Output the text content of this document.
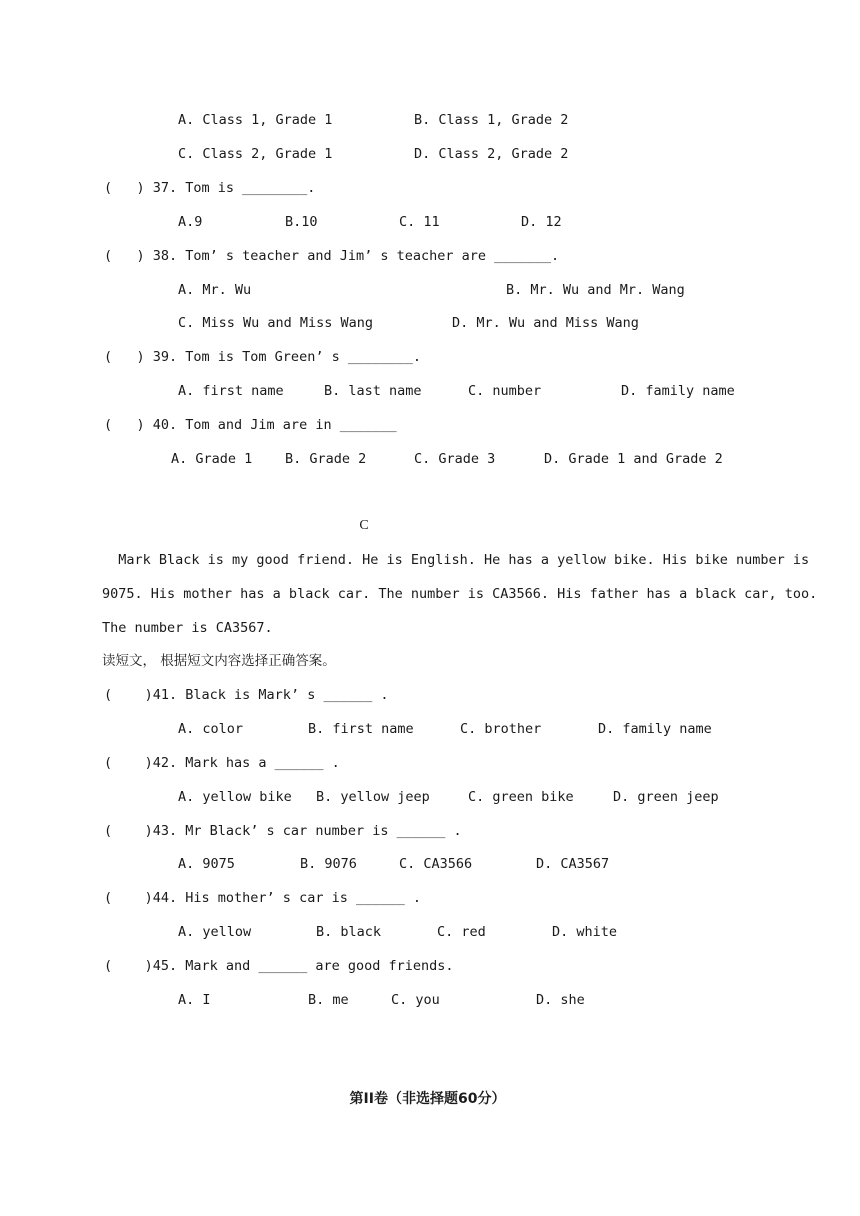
A. Class 1, Grade 1	B. Class 1, Grade 2
C. Class 2, Grade 1	D. Class 2, Grade 2
(   ) 37. Tom is ________.
A.9	B.10	C. 11	D. 12
(   ) 38. Tom’ s teacher and Jim’ s teacher are _______.
A. Mr. Wu	B. Mr. Wu and Mr. Wang
C. Miss Wu and Miss Wang	D. Mr. Wu and Miss Wang
(   ) 39. Tom is Tom Green’ s ________.
A. first name	B. last name	C. number	D. family name
(   ) 40. Tom and Jim are in _______
A. Grade 1 B. Grade 2	C. Grade 3	D. Grade 1 and Grade 2
C
Mark Black is my good friend. He is English. He has a yellow bike. His bike number is
9075. His mother has a black car. The number is CA3566. His father has a black car, too.
The number is CA3567.
读短文， 根据短文内容选择正确答案。
(    )41. Black is Mark’ s ______ .
A. color	B. first name	C. brother	D. family name
(    )42. Mark has a ______ .
A. yellow bike B. yellow jeep	C. green bike	D. green jeep
(    )43. Mr Black’ s car number is ______ .
A. 9075	B. 9076	C. CA3566	D. CA3567
(    )44. His mother’ s car is ______ .
A. yellow	B. black	C. red	D. white
(    )45. Mark and ______ are good friends.
A. I	B. me	C. you	D. she
第II卷（非选择题60分）
